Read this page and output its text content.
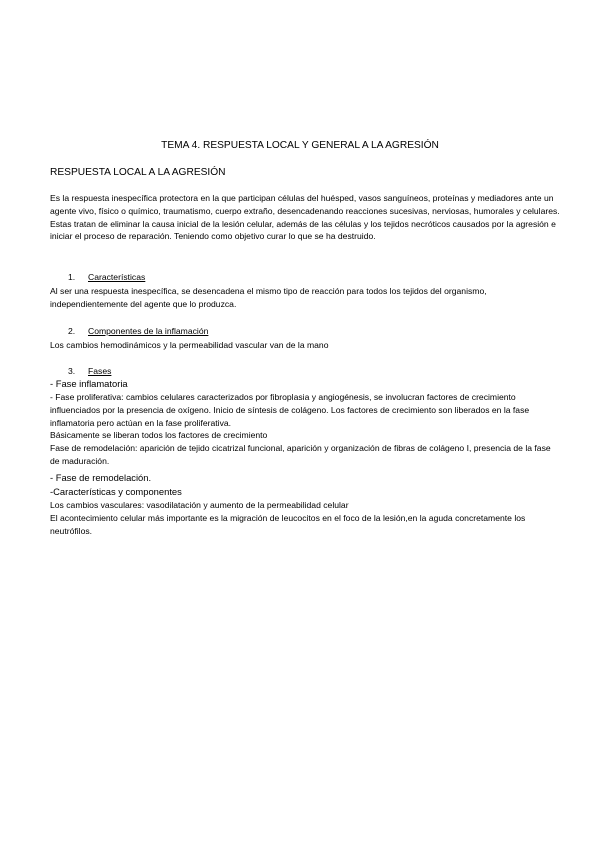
TEMA 4. RESPUESTA LOCAL Y GENERAL A LA AGRESIÓN
RESPUESTA LOCAL A LA AGRESIÓN

Es la respuesta inespecífica protectora en la que participan células del huésped, vasos sanguíneos, proteínas y mediadores ante un agente vivo, físico o químico, traumatismo, cuerpo extraño, desencadenando reacciones sucesivas, nerviosas, humorales y celulares.

Estas tratan de eliminar la causa inicial de la lesión celular, además de las células y los tejidos necróticos causados por la agresión e iniciar el proceso de reparación. Teniendo como objetivo curar lo que se ha destruido.

1. Características

Al ser una respuesta inespecífica, se desencadena el mismo tipo de reacción para todos los tejidos del organismo, independientemente del agente que lo produzca.

2. Componentes de la inflamación

Los cambios hemodinámicos y la permeabilidad vascular van de la mano

3. Fases

- Fase inflamatoria

- Fase proliferativa: cambios celulares caracterizados por fibroplasia y angiogénesis, se involucran factores de crecimiento influenciados por la presencia de oxígeno. Inicio de síntesis de colágeno. Los factores de crecimiento son liberados en la fase inflamatoria pero actúan en la fase proliferativa.

Básicamente se liberan todos los factores de crecimiento

Fase de remodelación: aparición de tejido cicatrizal funcional, aparición y organización de fibras de colágeno I, presencia de la fase de maduración.

- Fase de remodelación.

-Características y componentes

Los cambios vasculares: vasodilatación y aumento de la permeabilidad celular

El acontecimiento celular más importante es la migración de leucocitos en el foco de la lesión,en la aguda concretamente los neutrófilos.
